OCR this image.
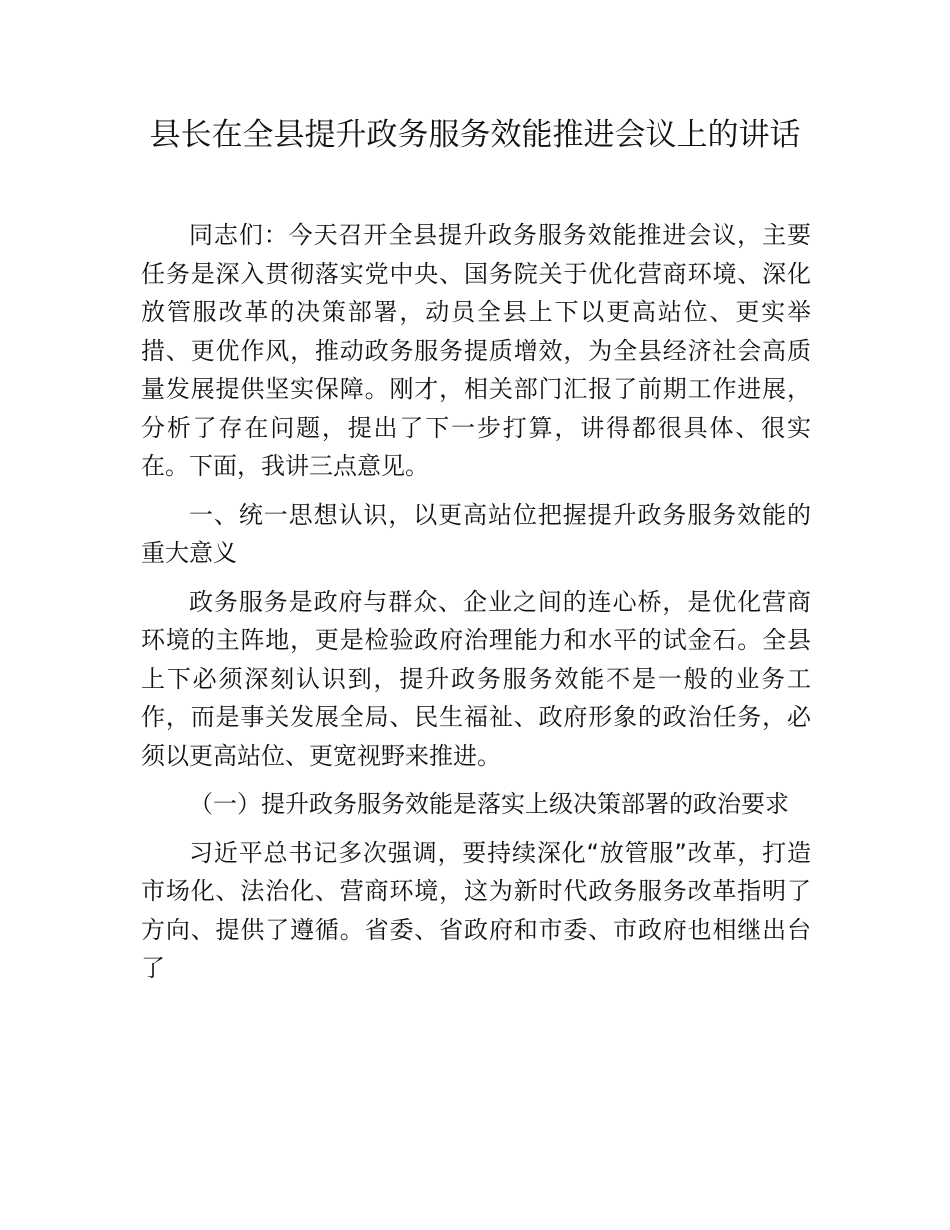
县长在全县提升政务服务效能推进会议上的讲话

同志们：今天召开全县提升政务服务效能推进会议，主要任务是深入贯彻落实党中央、国务院关于优化营商环境、深化放管服改革的决策部署，动员全县上下以更高站位、更实举措、更优作风，推动政务服务提质增效，为全县经济社会高质量发展提供坚实保障。刚才，相关部门汇报了前期工作进展，分析了存在问题，提出了下一步打算，讲得都很具体、很实在。下面，我讲三点意见。

一、统一思想认识，以更高站位把握提升政务服务效能的重大意义

政务服务是政府与群众、企业之间的连心桥，是优化营商环境的主阵地，更是检验政府治理能力和水平的试金石。全县上下必须深刻认识到，提升政务服务效能不是一般的业务工作，而是事关发展全局、民生福祉、政府形象的政治任务，必须以更高站位、更宽视野来推进。

（一）提升政务服务效能是落实上级决策部署的政治要求

习近平总书记多次强调，要持续深化“放管服”改革，打造市场化、法治化、营商环境，这为新时代政务服务改革指明了方向、提供了遵循。省委、省政府和市委、市政府也相继出台了
